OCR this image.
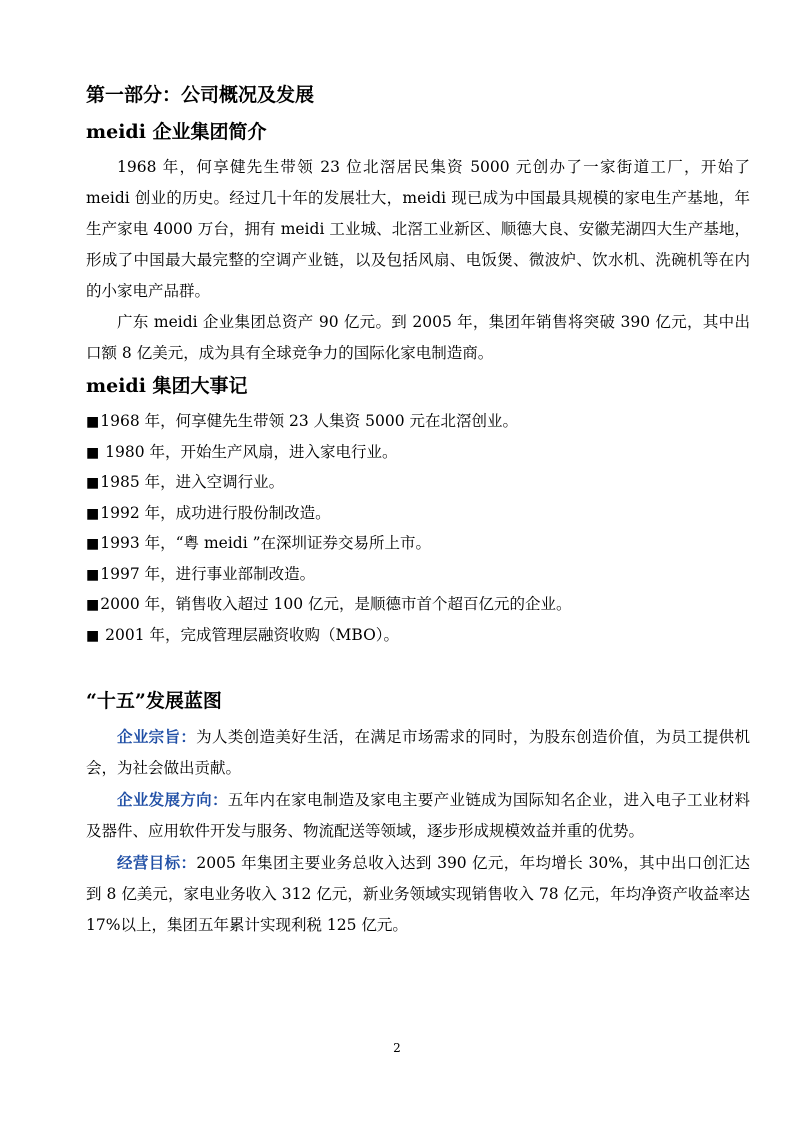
第一部分：公司概况及发展
meidi 企业集团简介

1968 年，何享健先生带领 23 位北滘居民集资 5000 元创办了一家街道工厂，开始了 meidi 创业的历史。经过几十年的发展壮大，meidi 现已成为中国最具规模的家电生产基地，年生产家电 4000 万台，拥有 meidi 工业城、北滘工业新区、顺德大良、安徽芜湖四大生产基地，形成了中国最大最完整的空调产业链，以及包括风扇、电饭煲、微波炉、饮水机、洗碗机等在内的小家电产品群。

广东 meidi 企业集团总资产 90 亿元。到 2005 年，集团年销售将突破 390 亿元，其中出口额 8 亿美元，成为具有全球竞争力的国际化家电制造商。

meidi 集团大事记
■1968 年，何享健先生带领 23 人集资 5000 元在北滘创业。
■ 1980 年，开始生产风扇，进入家电行业。
■1985 年，进入空调行业。
■1992 年，成功进行股份制改造。
■1993 年，“粤 meidi ”在深圳证券交易所上市。
■1997 年，进行事业部制改造。
■2000 年，销售收入超过 100 亿元，是顺德市首个超百亿元的企业。
■ 2001 年，完成管理层融资收购（MBO）。
“十五”发展蓝图

企业宗旨：为人类创造美好生活，在满足市场需求的同时，为股东创造价值，为员工提供机会，为社会做出贡献。

企业发展方向：五年内在家电制造及家电主要产业链成为国际知名企业，进入电子工业材料及器件、应用软件开发与服务、物流配送等领域，逐步形成规模效益并重的优势。

经营目标：2005 年集团主要业务总收入达到 390 亿元，年均增长 30%，其中出口创汇达到 8 亿美元，家电业务收入 312 亿元，新业务领域实现销售收入 78 亿元，年均净资产收益率达 17%以上，集团五年累计实现利税 125 亿元。

2
